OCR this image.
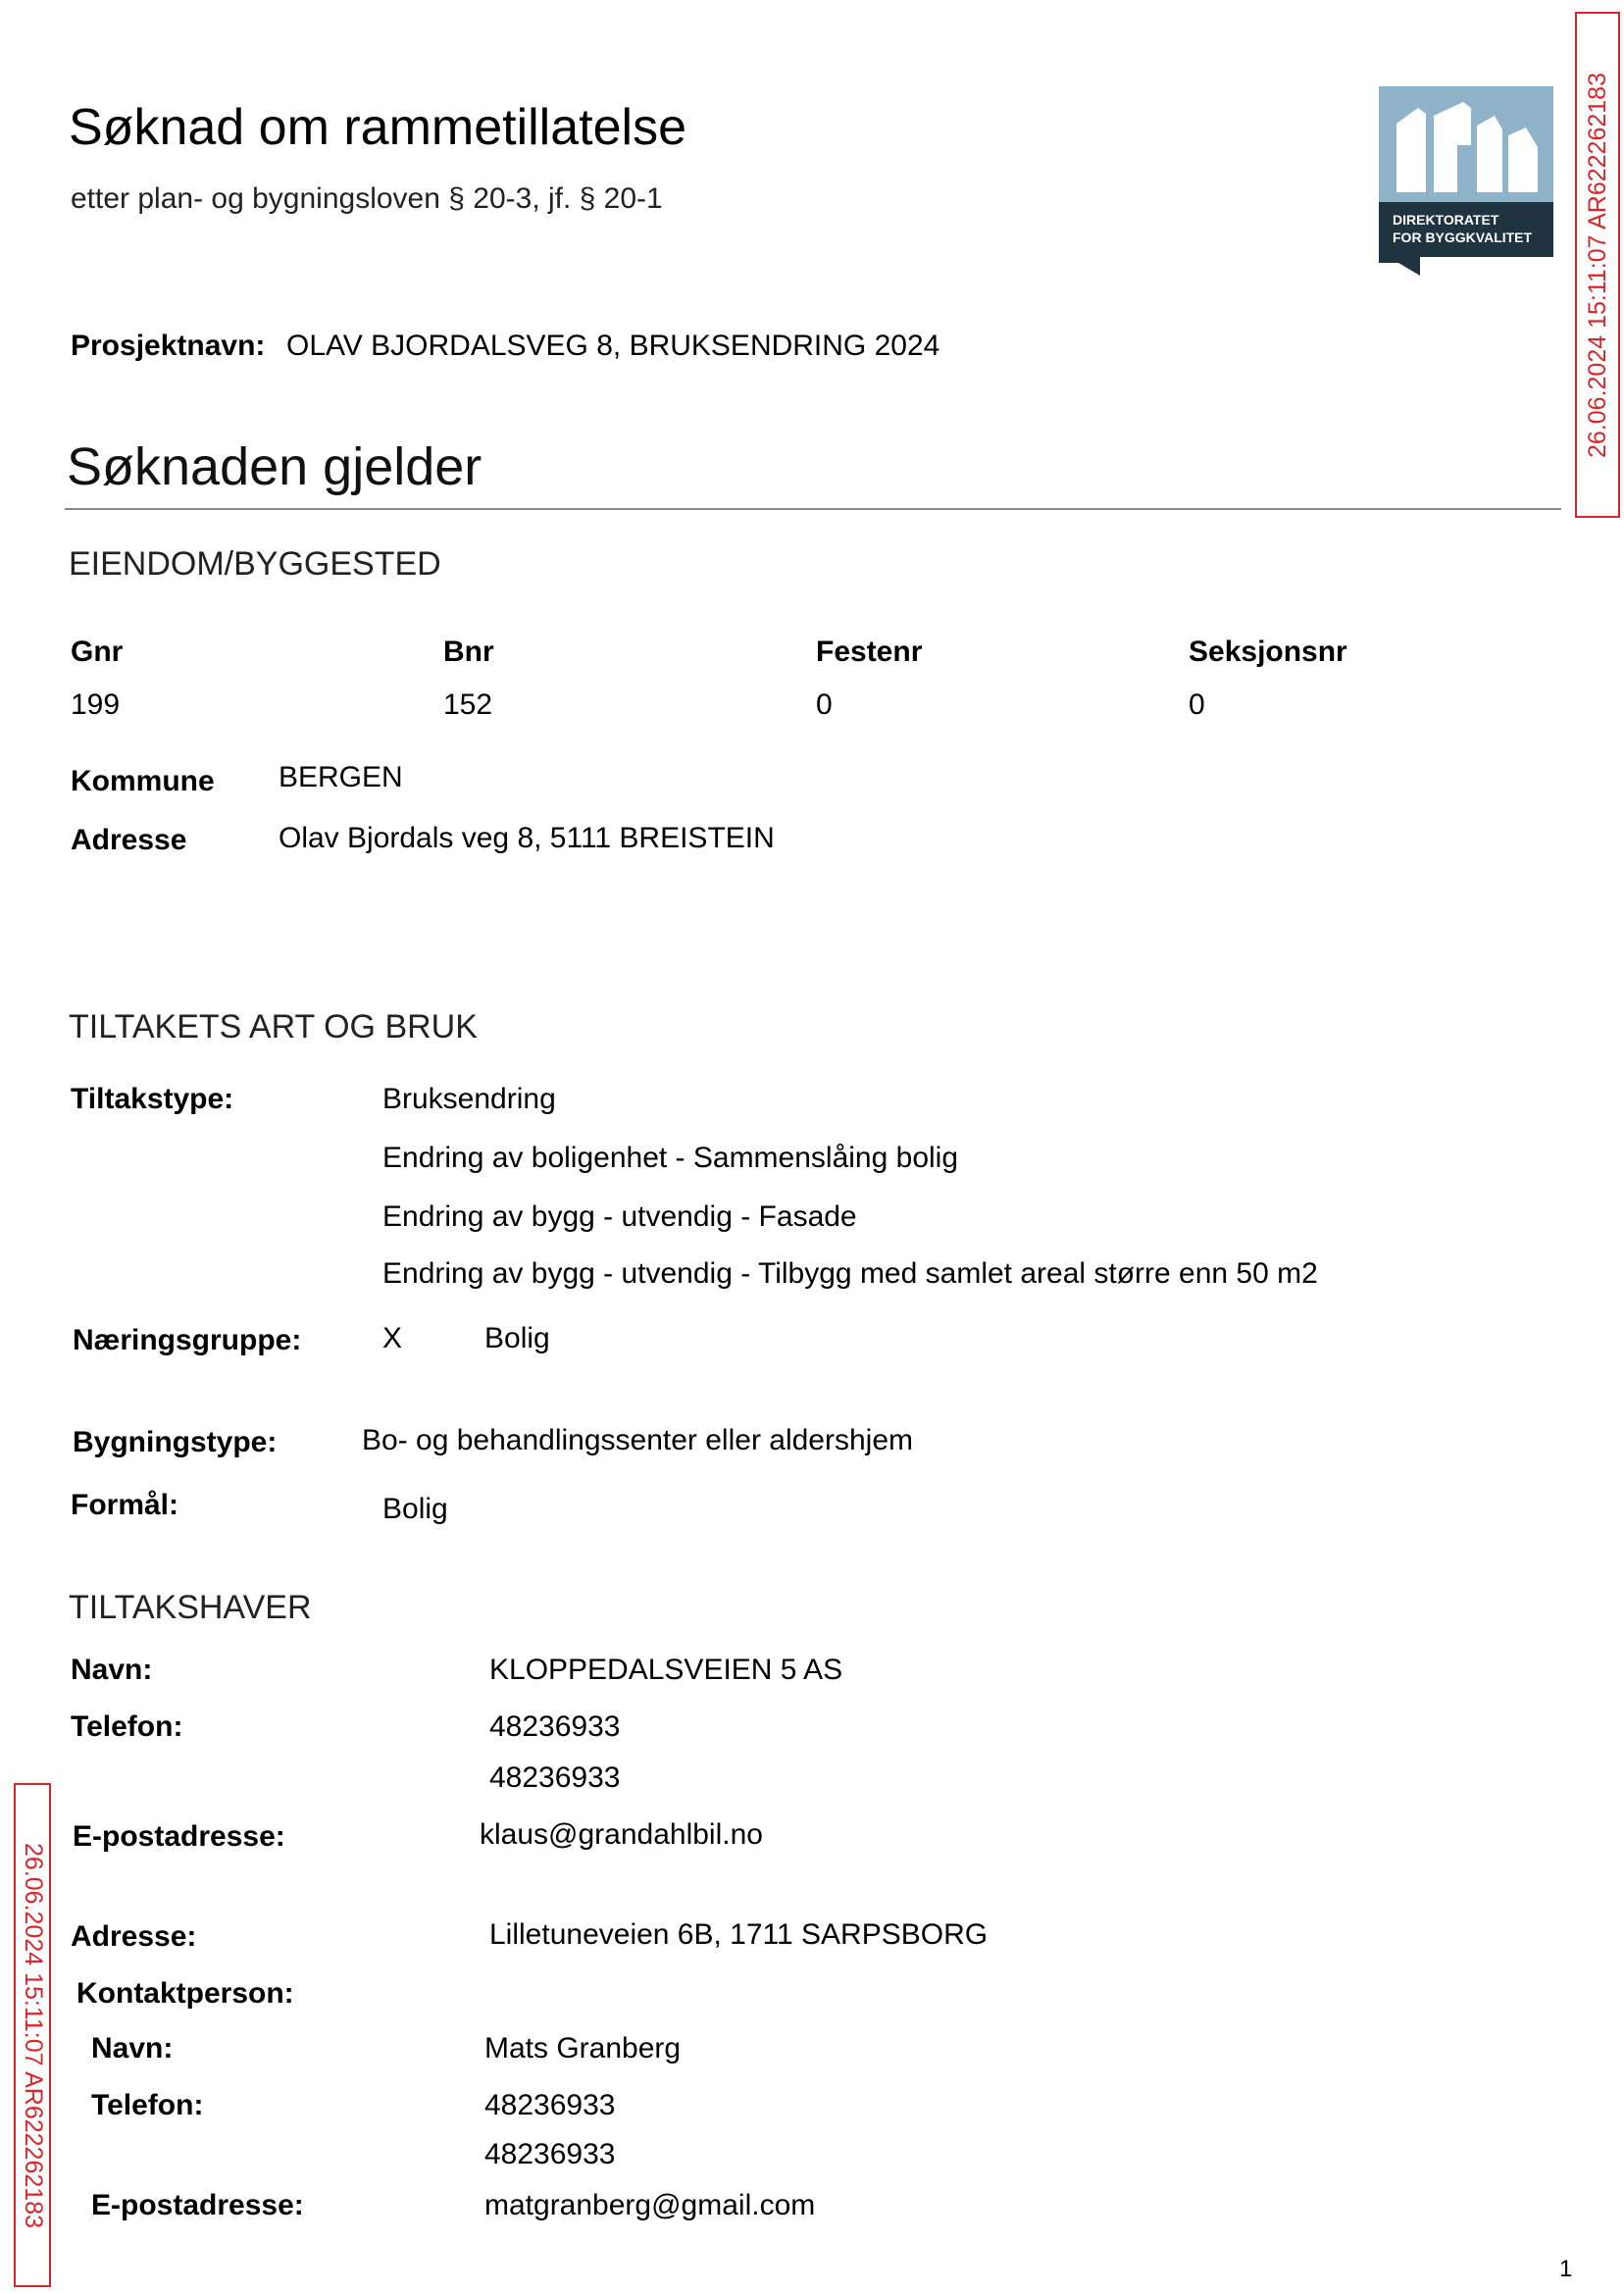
Søknad om rammetillatelse
etter plan- og bygningsloven § 20-3, jf. § 20-1
DIREKTORATET
FOR BYGGKVALITET 26.06.2024 15:11:07 AR622262183
26.06.2024 15:11:07 AR622262183
Prosjektnavn: OLAV BJORDALSVEG 8, BRUKSENDRING 2024
Søknaden gjelder
EIENDOM/BYGGESTED
Gnr	Bnr	Festenr	Seksjonsnr
199	152	0	0
Kommune BERGEN
Adresse	Olav Bjordals veg 8, 5111 BREISTEIN
TILTAKETS ART OG BRUK
Tiltakstype:	Bruksendring
Endring av boligenhet - Sammenslåing bolig
Endring av bygg - utvendig - Fasade
Endring av bygg - utvendig - Tilbygg med samlet areal større enn 50 m2
Næringsgruppe:	X	Bolig
Bygningstype:	Bo- og behandlingssenter eller aldershjem
Formål:	Bolig
TILTAKSHAVER
Navn:	KLOPPEDALSVEIEN 5 AS
Telefon:	48236933
48236933
E-postadresse:	klaus@grandahlbil.no
Adresse:	Lilletuneveien 6B, 1711 SARPSBORG
Kontaktperson:
Navn:	Mats Granberg
Telefon:	48236933
48236933
E-postadresse:	matgranberg@gmail.com
1
